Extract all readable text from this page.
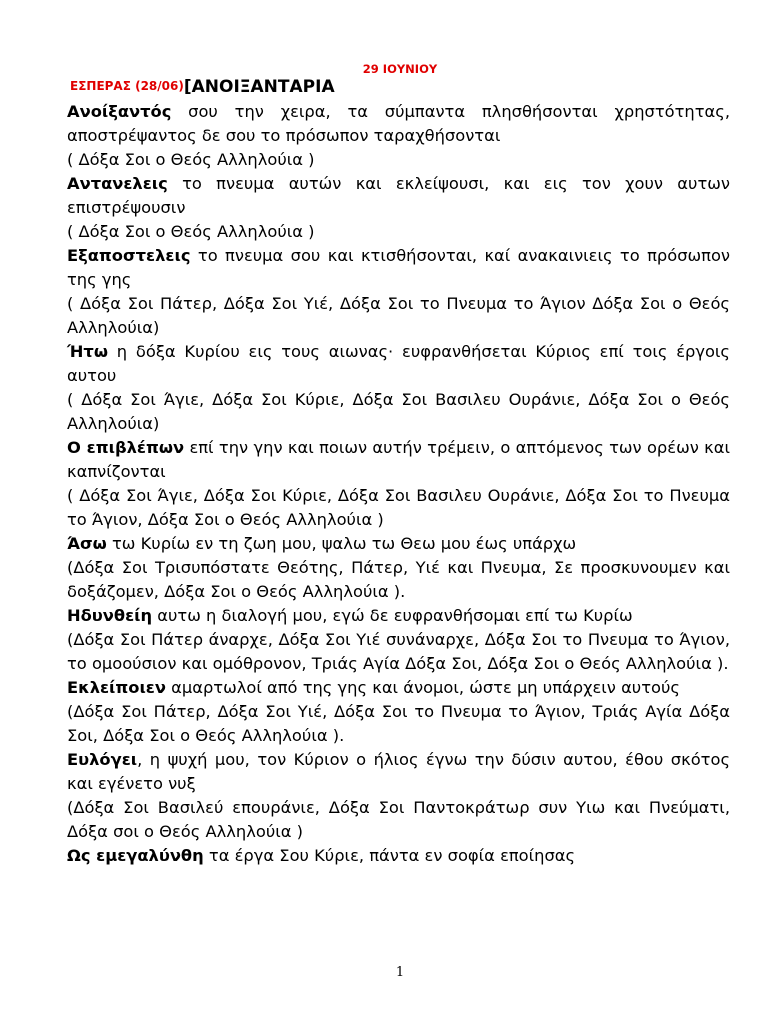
29 ΙΟΥΝΙΟΥ
ΕΣΠΕΡΑΣ (28/06)[ΑΝΟΙΞΑΝΤΑΡΙΑ

Ανοίξαντός σου την χειρα, τα σύμπαντα πλησθήσονται χρηστότητας, αποστρέψαντος δε σου το πρόσωπον ταραχθήσονται

( Δόξα Σοι ο Θεός Αλληλούια )

Αντανελεις το πνευμα αυτών και εκλείψουσι, και εις τον χουν αυτων επιστρέψουσιν

( Δόξα Σοι ο Θεός Αλληλούια )

Εξαποστελεις το πνευμα σου και κτισθήσονται, καί ανακαινιεις το πρόσωπον της γης

( Δόξα Σοι Πάτερ, Δόξα Σοι Υιέ, Δόξα Σοι το Πνευμα το Άγιον Δόξα Σοι ο Θεός Αλληλούια)

Ήτω η δόξα Κυρίου εις τους αιωνας· ευφρανθήσεται Κύριος επί τοις έργοις αυτου

( Δόξα Σοι Άγιε, Δόξα Σοι Κύριε, Δόξα Σοι Βασιλευ Ουράνιε, Δόξα Σοι ο Θεός Αλληλούια)

Ο επιβλέπων επί την γην και ποιων αυτήν τρέμειν, ο απτόμενος των ορέων και καπνίζονται

( Δόξα Σοι Άγιε, Δόξα Σοι Κύριε, Δόξα Σοι Βασιλευ Ουράνιε, Δόξα Σοι το Πνευμα το Άγιον, Δόξα Σοι ο Θεός Αλληλούια )

Άσω τω Κυρίω εν τη ζωη μου, ψαλω τω Θεω μου έως υπάρχω

(Δόξα Σοι Τρισυπόστατε Θεότης, Πάτερ, Υιέ και Πνευμα, Σε προσκυνουμεν και δοξάζομεν, Δόξα Σοι ο Θεός Αλληλούια ).

Ηδυνθείη αυτω η διαλογή μου, εγώ δε ευφρανθήσομαι επί τω Κυρίω

(Δόξα Σοι Πάτερ άναρχε, Δόξα Σοι Υιέ συνάναρχε, Δόξα Σοι το Πνευμα το Άγιον, το ομοούσιον και ομόθρονον, Τριάς Αγία Δόξα Σοι, Δόξα Σοι ο Θεός Αλληλούια ).

Εκλείποιεν αμαρτωλοί από της γης και άνομοι, ώστε μη υπάρχειν αυτούς

(Δόξα Σοι Πάτερ, Δόξα Σοι Υιέ, Δόξα Σοι το Πνευμα το Άγιον, Τριάς Αγία Δόξα Σοι, Δόξα Σοι ο Θεός Αλληλούια ).

Ευλόγει, η ψυχή μου, τον Κύριον ο ήλιος έγνω την δύσιν αυτου, έθου σκότος και εγένετο νυξ

(Δόξα Σοι Βασιλεύ επουράνιε, Δόξα Σοι Παντοκράτωρ συν Υιω και Πνεύματι, Δόξα σοι ο Θεός Αλληλούια )

Ως εμεγαλύνθη τα έργα Σου Κύριε, πάντα εν σοφία εποίησας

1
